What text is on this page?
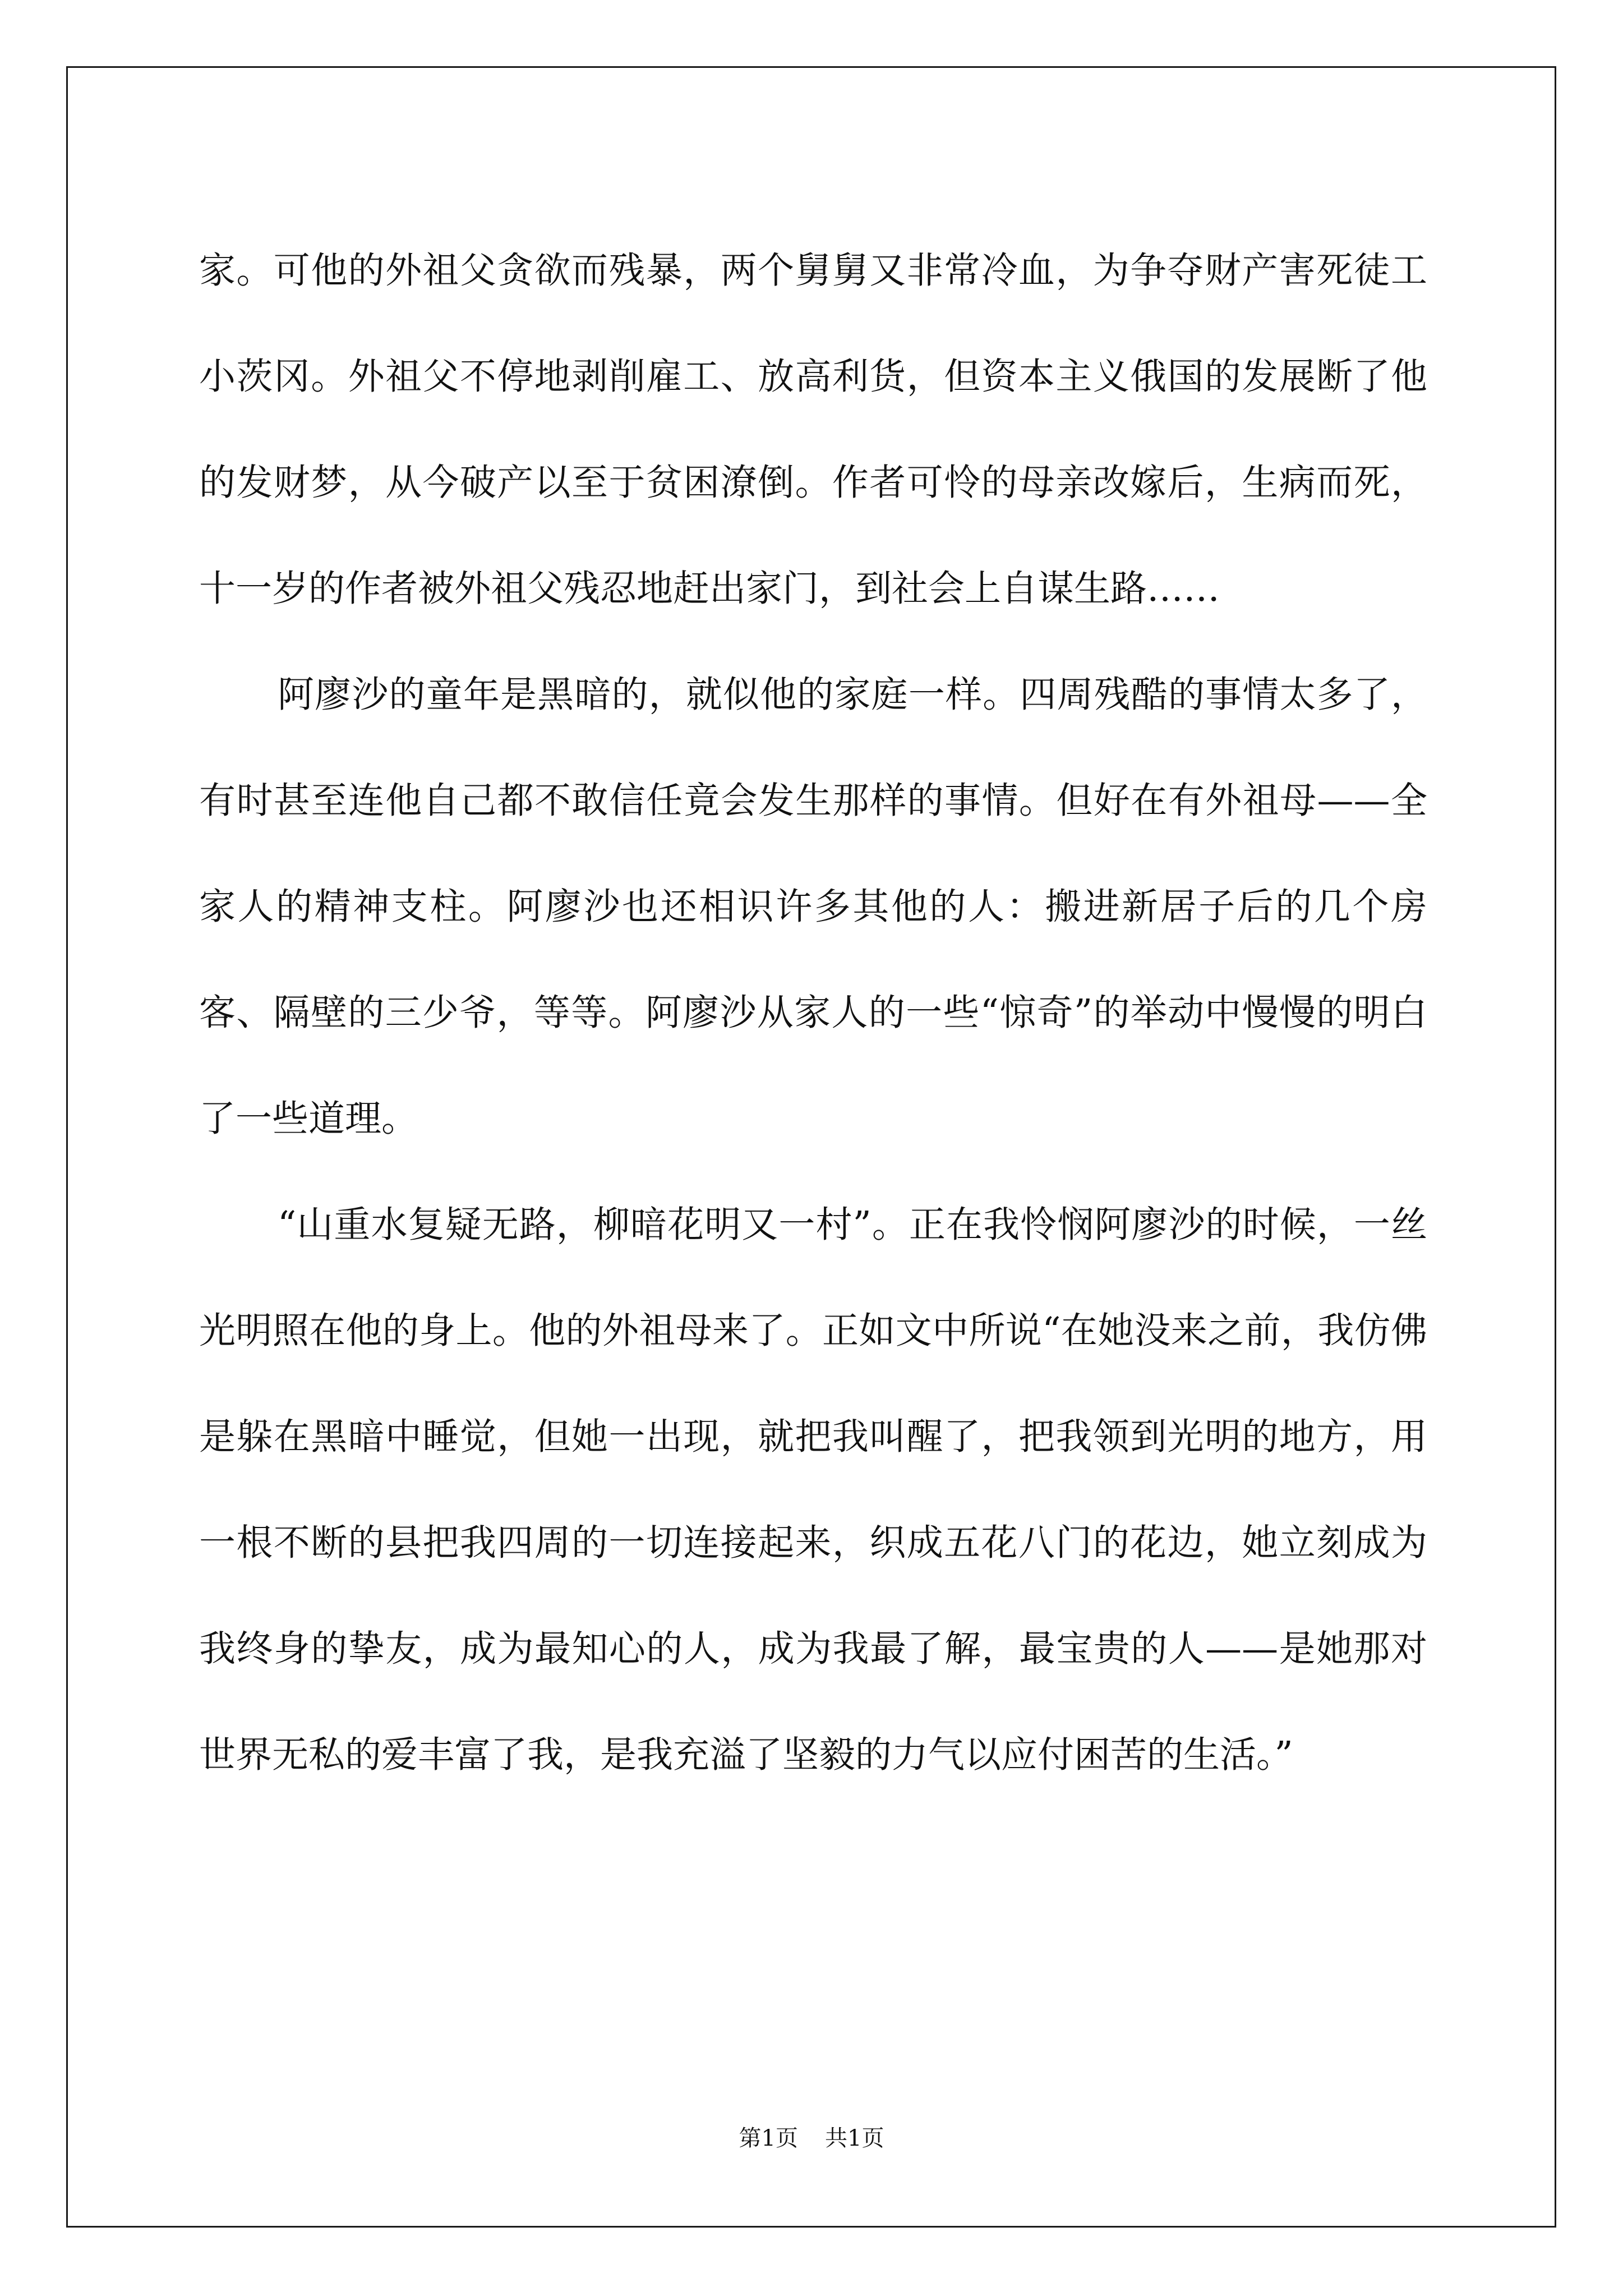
家。可他的外祖父贪欲而残暴，两个舅舅又非常冷血，为争夺财产害死徒工小茨冈。外祖父不停地剥削雇工、放高利货，但资本主义俄国的发展断了他的发财梦，从今破产以至于贫困潦倒。作者可怜的母亲改嫁后，生病而死，十一岁的作者被外祖父残忍地赶出家门，到社会上自谋生路……

阿廖沙的童年是黑暗的，就似他的家庭一样。四周残酷的事情太多了，有时甚至连他自己都不敢信任竟会发生那样的事情。但好在有外祖母——全家人的精神支柱。阿廖沙也还相识许多其他的人：搬进新居子后的几个房客、隔壁的三少爷，等等。阿廖沙从家人的一些“惊奇”的举动中慢慢的明白了一些道理。

“山重水复疑无路，柳暗花明又一村”。正在我怜悯阿廖沙的时候，一丝光明照在他的身上。他的外祖母来了。正如文中所说“在她没来之前，我仿佛是躲在黑暗中睡觉，但她一出现，就把我叫醒了，把我领到光明的地方，用一根不断的县把我四周的一切连接起来，织成五花八门的花边，她立刻成为我终身的挚友，成为最知心的人，成为我最了解，最宝贵的人——是她那对世界无私的爱丰富了我，是我充溢了坚毅的力气以应付困苦的生活。”

第1页 共1页
